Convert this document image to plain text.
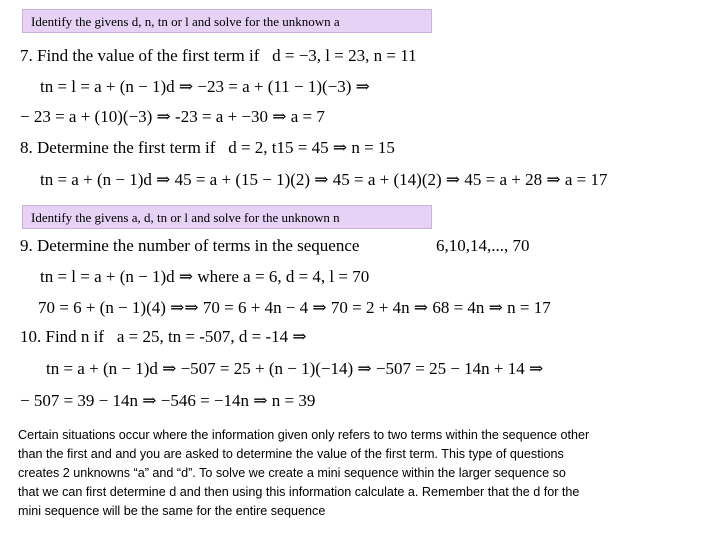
Identify the givens d, n, tn or l and solve for the unknown a
7. Find the value of the first term if d = −3, l = 23, n = 11
tn = l = a + (n − 1)d ⇒ −23 = a + (11 − 1)(−3) ⇒
− 23 = a + (10)(−3) ⇒ -23 = a + −30 ⇒ a = 7
8. Determine the first term if d = 2, t15 = 45 ⇒ n = 15
tn = a + (n − 1)d ⇒ 45 = a + (15 − 1)(2) ⇒ 45 = a + (14)(2) ⇒ 45 = a + 28 ⇒ a = 17
Identify the givens a, d, tn or l and solve for the unknown n
9. Determine the number of terms in the sequence	6,10,14,..., 70
tn = l = a + (n − 1)d ⇒ where a = 6, d = 4, l = 70
70 = 6 + (n − 1)(4) ⇒⇒ 70 = 6 + 4n − 4 ⇒ 70 = 2 + 4n ⇒ 68 = 4n ⇒ n = 17
10. Find n if a = 25, tn = -507, d = -14 ⇒
tn = a + (n − 1)d ⇒ −507 = 25 + (n − 1)(−14) ⇒ −507 = 25 − 14n + 14 ⇒
− 507 = 39 − 14n ⇒ −546 = −14n ⇒ n = 39

Certain situations occur where the information given only refers to two terms within the sequence other

than the first and and you are asked to determine the value of the first term. This type of questions

creates 2 unknowns “a” and “d”. To solve we create a mini sequence within the larger sequence so

that we can first determine d and then using this information calculate a. Remember that the d for the

mini sequence will be the same for the entire sequence
